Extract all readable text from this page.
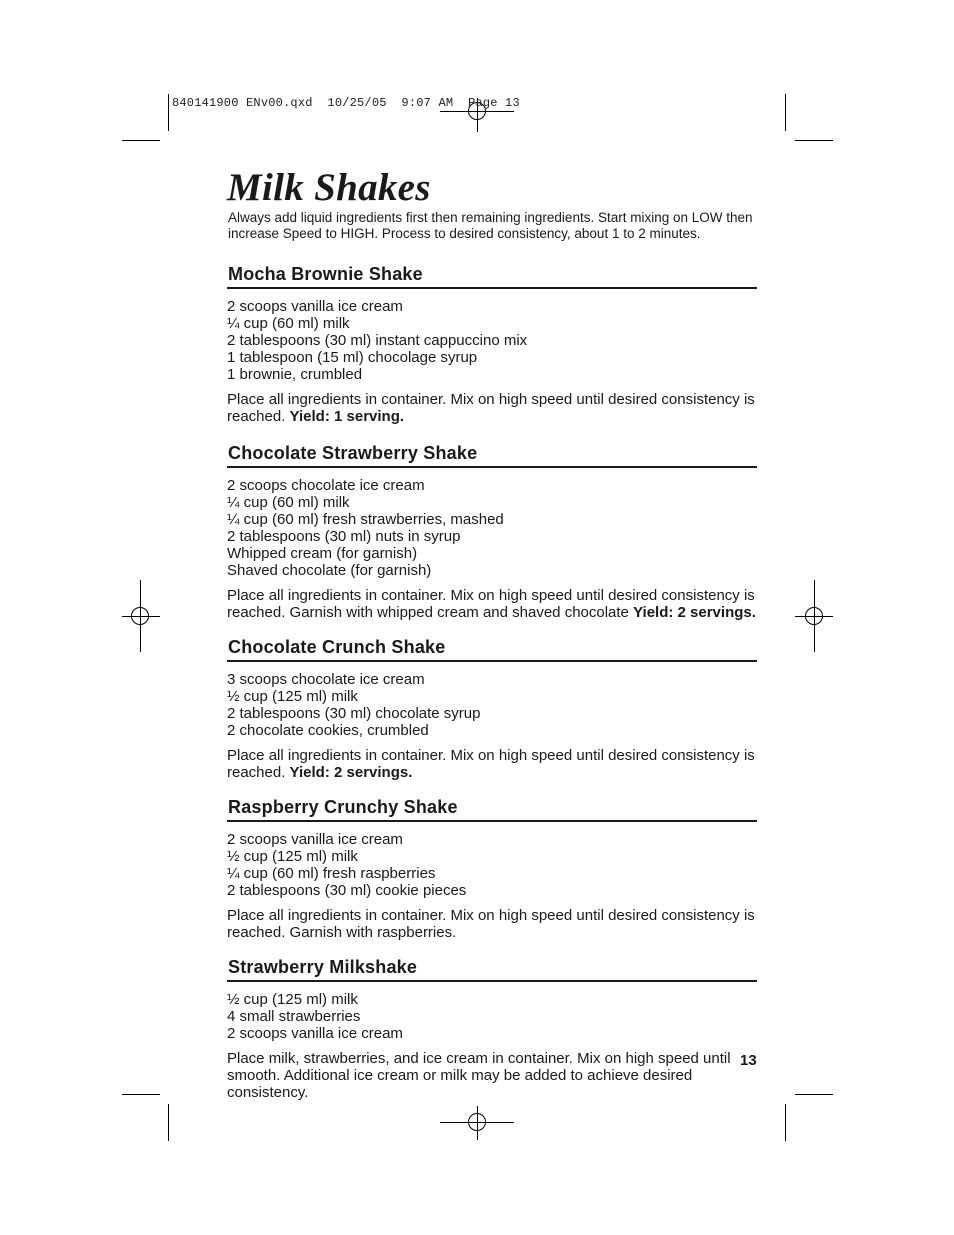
840141900 ENv00.qxd  10/25/05  9:07 AM  Page 13
Milk Shakes

Always add liquid ingredients first then remaining ingredients. Start mixing on LOW then increase Speed to HIGH. Process to desired consistency, about 1 to 2 minutes.

Mocha Brownie Shake
2 scoops vanilla ice cream
¼ cup (60 ml) milk
2 tablespoons (30 ml) instant cappuccino mix
1 tablespoon (15 ml) chocolage syrup
1 brownie, crumbled

Place all ingredients in container. Mix on high speed until desired consistency is reached. Yield: 1 serving.

Chocolate Strawberry Shake
2 scoops chocolate ice cream
¼ cup (60 ml) milk
¼ cup (60 ml) fresh strawberries, mashed
2 tablespoons (30 ml) nuts in syrup
Whipped cream (for garnish)
Shaved chocolate (for garnish)

Place all ingredients in container. Mix on high speed until desired consistency is reached. Garnish with whipped cream and shaved chocolate Yield: 2 servings.

Chocolate Crunch Shake
3 scoops chocolate ice cream
½ cup (125 ml) milk
2 tablespoons (30 ml) chocolate syrup
2 chocolate cookies, crumbled

Place all ingredients in container. Mix on high speed until desired consistency is reached. Yield: 2 servings.

Raspberry Crunchy Shake
2 scoops vanilla ice cream
½ cup (125 ml) milk
¼ cup (60 ml) fresh raspberries
2 tablespoons (30 ml) cookie pieces

Place all ingredients in container. Mix on high speed until desired consistency is reached. Garnish with raspberries.

Strawberry Milkshake
½ cup (125 ml) milk
4 small strawberries
2 scoops vanilla ice cream

Place milk, strawberries, and ice cream in container. Mix on high speed until smooth. Additional ice cream or milk may be added to achieve desired consistency.

13
